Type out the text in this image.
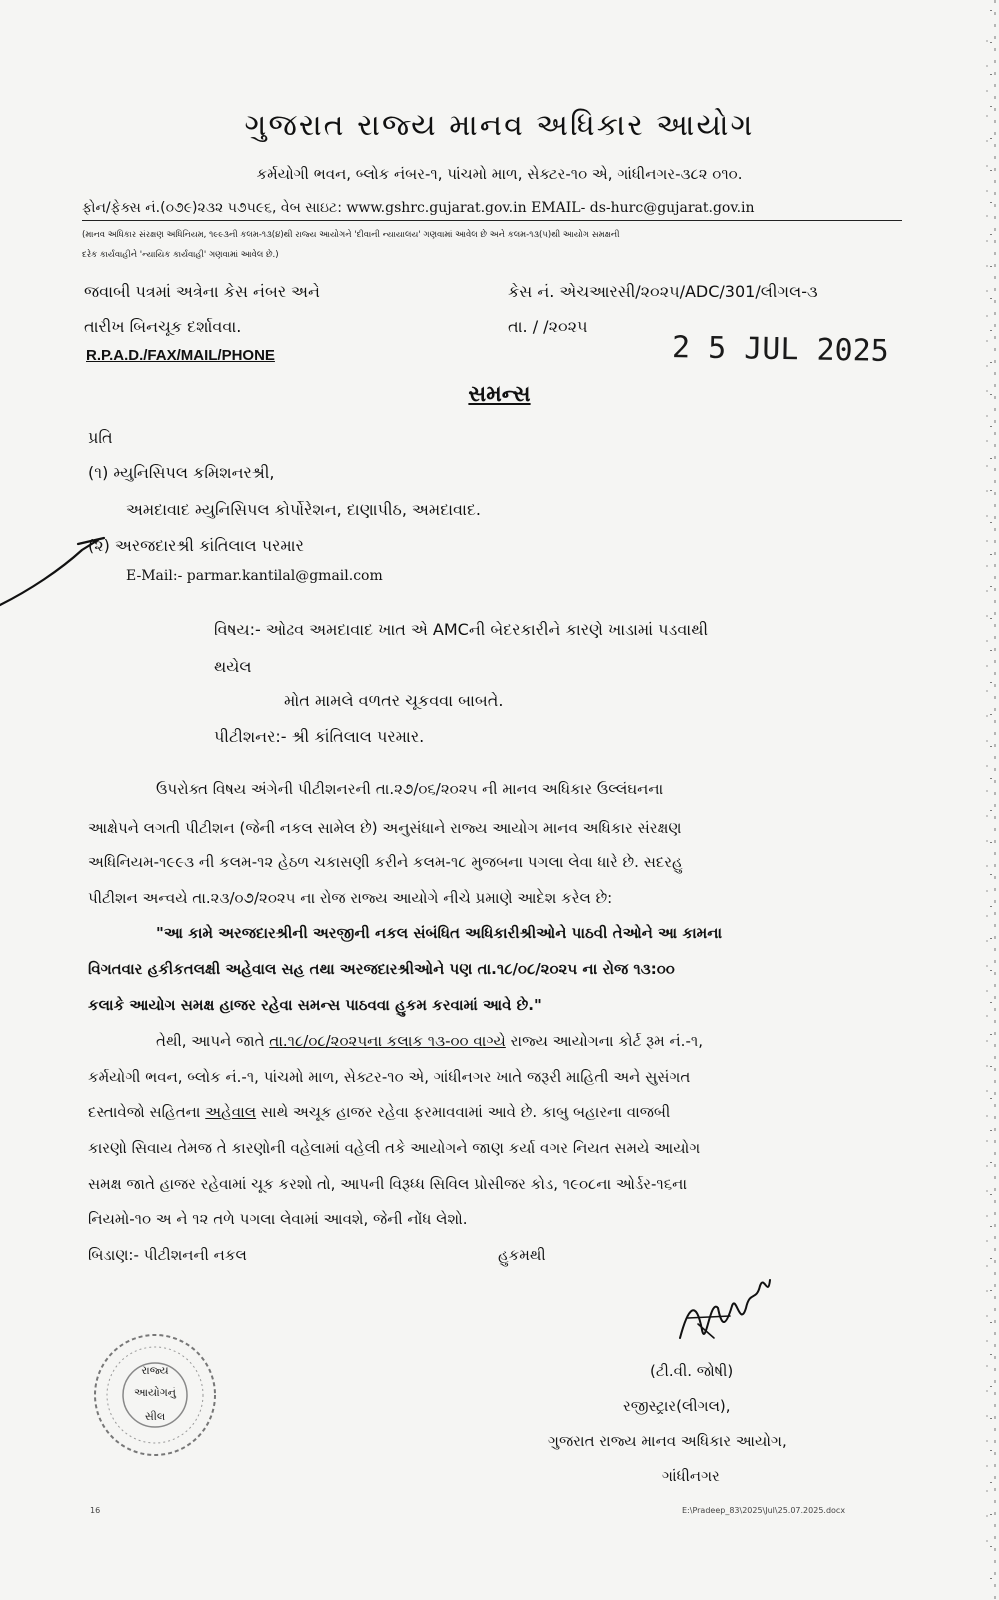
ગુજરાત રાજ્ય માનવ અધિકાર આયોગ
કર્મયોગી ભવન, બ્લોક નંબર-૧, પાંચમો માળ, સેક્ટર-૧૦ એ, ગાંધીનગર-૩૮૨ ૦૧૦.
ફોન/ફેક્સ નં.(૦૭૯)૨૩૨ ૫૭૫૯૬, વેબ સાઇટ: www.gshrc.gujarat.gov.in EMAIL- ds-hurc@gujarat.gov.in
(માનવ અધિકાર સંરક્ષણ અધિનિયમ, ૧૯૯૩ની કલમ-૧૩(૪)થી રાજ્ય આયોગને 'દીવાની ન્યાયાલય' ગણવામાં આવેલ છે અને કલમ-૧૩(૫)થી આયોગ સમક્ષની
દરેક કાર્યવાહીને 'ન્યાયિક કાર્યવાહી' ગણવામાં આવેલ છે.)
જવાબી પત્રમાં અત્રેના કેસ નંબર અને
તારીખ બિનચૂક દર્શાવવા.
R.P.A.D./FAX/MAIL/PHONE
કેસ નં. એચઆરસી/૨૦૨૫/ADC/301/લીગલ-૩
તા. / /૨૦૨૫
2 5 JUL 2025
સમન્સ
પ્રતિ
(૧) મ્યુનિસિપલ કમિશનરશ્રી,
અમદાવાદ મ્યુનિસિપલ કોર્પોરેશન, દાણાપીઠ, અમદાવાદ.
(૨) અરજદારશ્રી કાંતિલાલ પરમાર
E-Mail:- parmar.kantilal@gmail.com
વિષય:- ઓઢવ અમદાવાદ ખાત એ AMCની બેદરકારીને કારણે ખાડામાં પડવાથી
થયેલ
મોત મામલે વળતર ચૂકવવા બાબતે.
પીટીશનર:- શ્રી કાંતિલાલ પરમાર.
ઉપરોક્ત વિષય અંગેની પીટીશનરની તા.૨૭/૦૬/૨૦૨૫ ની માનવ અધિકાર ઉલ્લંઘનના
આક્ષેપને લગતી પીટીશન (જેની નકલ સામેલ છે) અનુસંધાને રાજ્ય આયોગ માનવ અધિકાર સંરક્ષણ
અધિનિયમ-૧૯૯૩ ની કલમ-૧૨ હેઠળ ચકાસણી કરીને કલમ-૧૮ મુજબના પગલા લેવા ધારે છે. સદરહુ
પીટીશન અન્વયે તા.૨૩/૦૭/૨૦૨૫ ના રોજ રાજ્ય આયોગે નીચે પ્રમાણે આદેશ કરેલ છે:
"આ કામે અરજદારશ્રીની અરજીની નકલ સંબંધિત અધિકારીશ્રીઓને પાઠવી તેઓને આ કામના
વિગતવાર હકીકતલક્ષી અહેવાલ સહ તથા અરજદારશ્રીઓને પણ તા.૧૮/૦૮/૨૦૨૫ ના રોજ ૧૩:૦૦
કલાકે આયોગ સમક્ષ હાજર રહેવા સમન્સ પાઠવવા હુકમ કરવામાં આવે છે."
તેથી, આપને જાતે તા.૧૮/૦૮/૨૦૨૫ના કલાક ૧૩-૦૦ વાગ્યે રાજ્ય આયોગના કોર્ટ રૂમ નં.-૧,
કર્મયોગી ભવન, બ્લોક નં.-૧, પાંચમો માળ, સેક્ટર-૧૦ એ, ગાંધીનગર ખાતે જરૂરી માહિતી અને સુસંગત
દસ્તાવેજો સહિતના અહેવાલ સાથે અચૂક હાજર રહેવા ફરમાવવામાં આવે છે. કાબુ બહારના વાજબી
કારણો સિવાય તેમજ તે કારણોની વહેલામાં વહેલી તકે આયોગને જાણ કર્યા વગર નિયત સમયે આયોગ
સમક્ષ જાતે હાજર રહેવામાં ચૂક કરશો તો, આપની વિરૂધ્ધ સિવિલ પ્રોસીજર કોડ, ૧૯૦૮ના ઓર્ડર-૧૬ના
નિયમો-૧૦ અ ને ૧૨ તળે પગલા લેવામાં આવશે, જેની નોંધ લેશો.
બિડાણ:- પીટીશનની નકલ	હુકમથી
(ટી.વી. જોષી)
રજીસ્ટ્રાર(લીગલ),
ગુજરાત રાજ્ય માનવ અધિકાર આયોગ,
ગાંધીનગર
રાજ્ય
આયોગનું
સીલ
16	E:\Pradeep_83\2025\Jul\25.07.2025.docx
